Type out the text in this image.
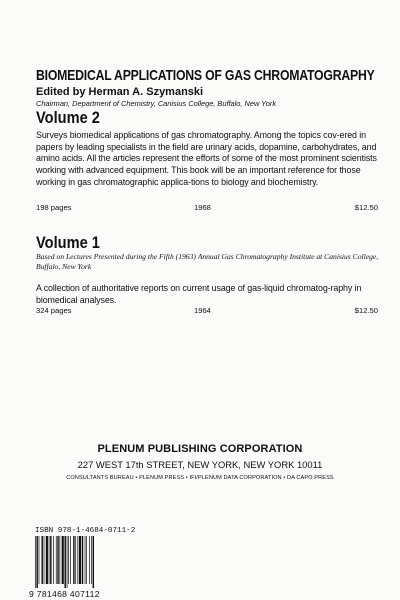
BIOMEDICAL APPLICATIONS OF GAS CHROMATOGRAPHY
Edited by Herman A. Szymanski
Chairman, Department of Chemistry, Canisius College, Buffalo, New York
Volume 2

Surveys biomedical applications of gas chromatography. Among the topics cov-ered in papers by leading specialists in the field are urinary acids, dopamine, carbohydrates, and amino acids. All the articles represent the efforts of some of the most prominent scientists working with advanced equipment. This book will be an important reference for those working in gas chromatographic applica-tions to biology and biochemistry.

198 pages	1968	$12.50
Volume 1

Based on Lectures Presented during the Fifth (1963) Annual Gas Chromatography Institute at Canisius College, Buffalo, New York

A collection of authoritative reports on current usage of gas-liquid chromatog-raphy in biomedical analyses.

324 pages	1964	$12.50
PLENUM PUBLISHING CORPORATION
227 WEST 17th STREET, NEW YORK, NEW YORK 10011
CONSULTANTS BUREAU • PLENUM PRESS • IFI/PLENUM DATA CORPORATION • DA CAPO PRESS
ISBN 978-1-4684-0711-2
9 781468 407112
